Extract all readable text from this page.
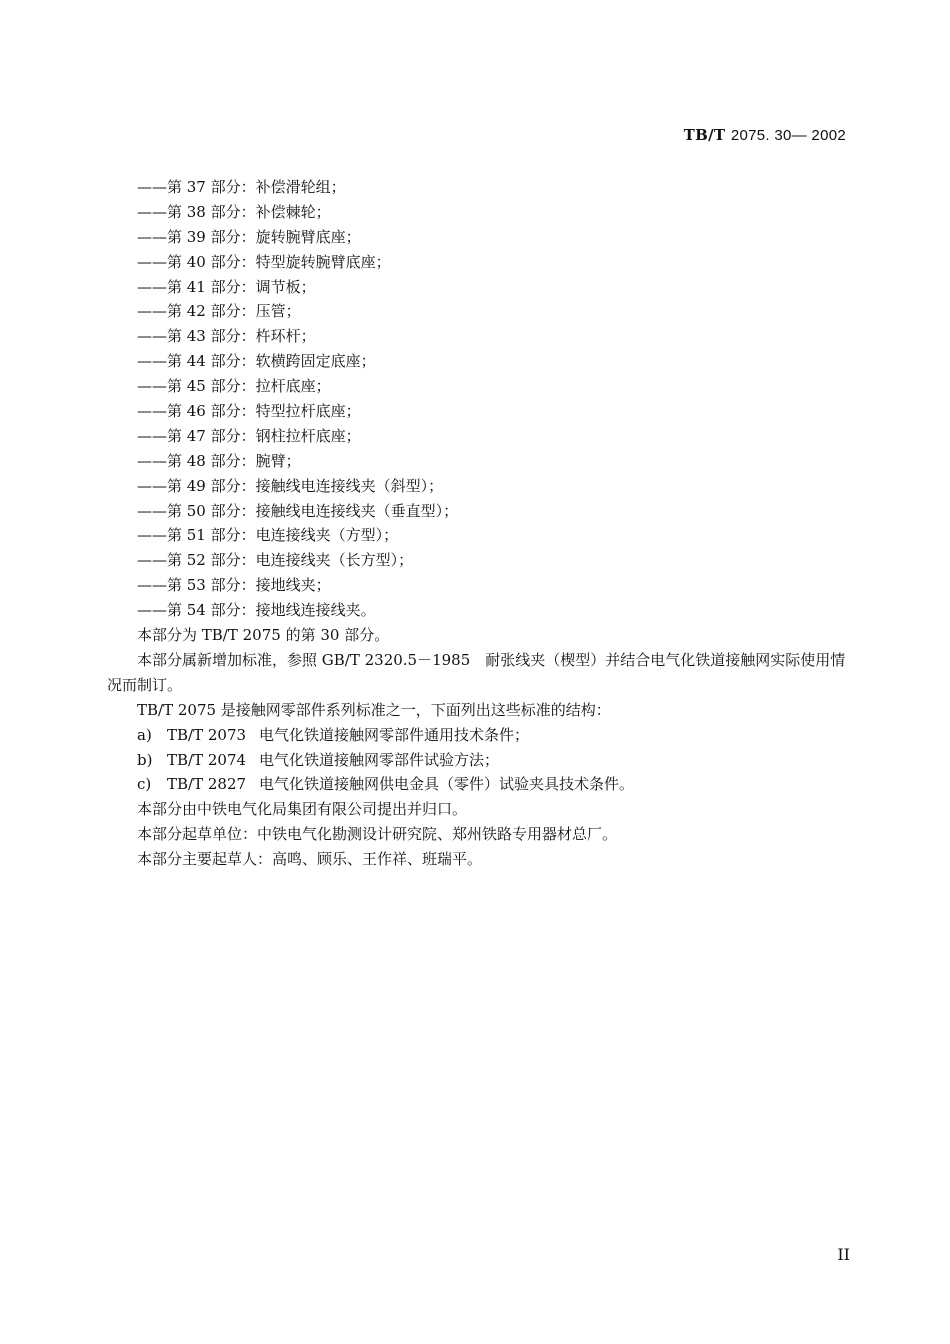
TB/T 2075. 30— 2002
——第 37 部分：补偿滑轮组；
——第 38 部分：补偿棘轮；
——第 39 部分：旋转腕臂底座；
——第 40 部分：特型旋转腕臂底座；
——第 41 部分：调节板；
——第 42 部分：压管；
——第 43 部分：杵环杆；
——第 44 部分：软横跨固定底座；
——第 45 部分：拉杆底座；
——第 46 部分：特型拉杆底座；
——第 47 部分：钢柱拉杆底座；
——第 48 部分：腕臂；
——第 49 部分：接触线电连接线夹（斜型）；
——第 50 部分：接触线电连接线夹（垂直型）；
——第 51 部分：电连接线夹（方型）；
——第 52 部分：电连接线夹（长方型）；
——第 53 部分：接地线夹；
——第 54 部分：接地线连接线夹。

本部分为 TB/T 2075 的第 30 部分。

本部分属新增加标准，参照 GB/T 2320.5－1985　耐张线夹（楔型）并结合电气化铁道接触网实际使用情况而制订。

TB/T 2075 是接触网零部件系列标准之一，下面列出这些标准的结构：

a) TB/T 2073 电气化铁道接触网零部件通用技术条件；

b) TB/T 2074 电气化铁道接触网零部件试验方法；

c) TB/T 2827 电气化铁道接触网供电金具（零件）试验夹具技术条件。

本部分由中铁电气化局集团有限公司提出并归口。

本部分起草单位：中铁电气化勘测设计研究院、郑州铁路专用器材总厂。

本部分主要起草人：高鸣、顾乐、王作祥、班瑞平。

II
